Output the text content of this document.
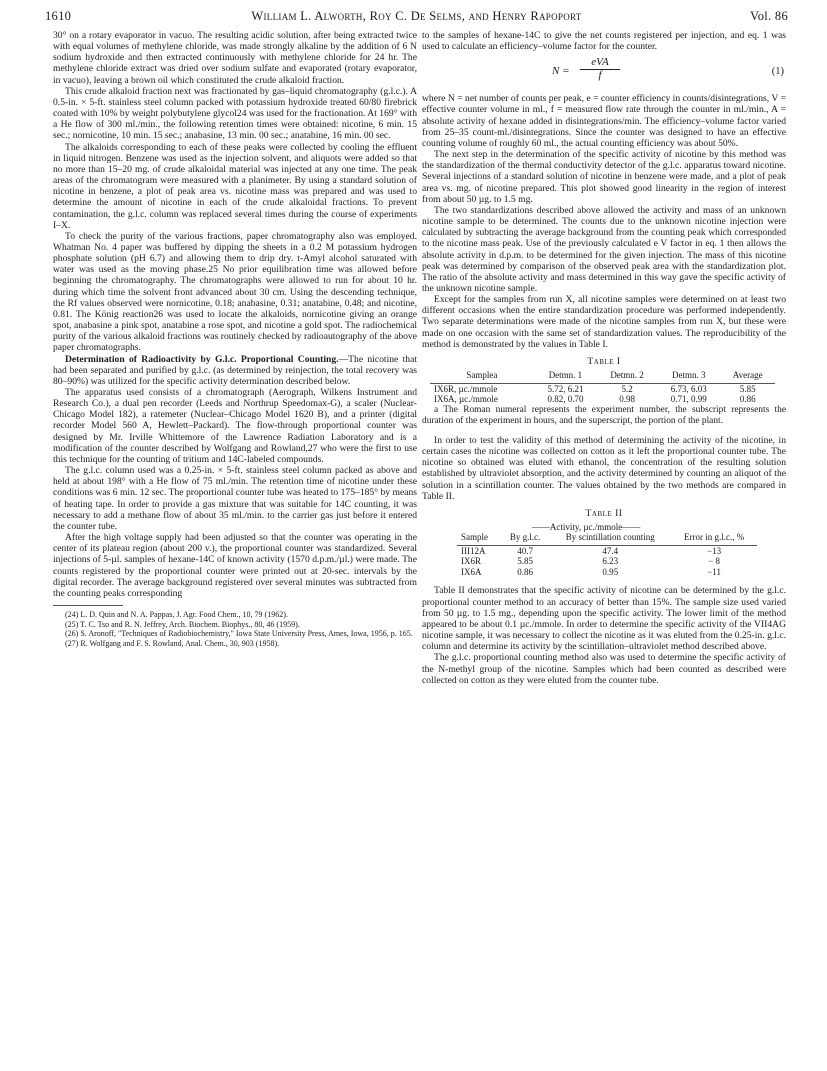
1610	William L. Alworth, Roy C. De Selms, and Henry Rapoport	Vol. 86

30° on a rotary evaporator in vacuo. The resulting acidic solution, after being extracted twice with equal volumes of methylene chloride, was made strongly alkaline by the addition of 6 N sodium hydroxide and then extracted continuously with methylene chloride for 24 hr. The methylene chloride extract was dried over sodium sulfate and evaporated (rotary evaporator, in vacuo), leaving a brown oil which constituted the crude alkaloid fraction.

This crude alkaloid fraction next was fractionated by gas–liquid chromatography (g.l.c.). A 0.5-in. × 5-ft. stainless steel column packed with potassium hydroxide treated 60/80 firebrick coated with 10% by weight polybutylene glycol24 was used for the fractionation. At 169° with a He flow of 300 ml./min., the following retention times were obtained: nicotine, 6 min. 15 sec.; nornicotine, 10 min. 15 sec.; anabasine, 13 min. 00 sec.; anatabine, 16 min. 00 sec.

The alkaloids corresponding to each of these peaks were collected by cooling the effluent in liquid nitrogen. Benzene was used as the injection solvent, and aliquots were added so that no more than 15–20 mg. of crude alkaloidal material was injected at any one time. The peak areas of the chromatogram were measured with a planimeter. By using a standard solution of nicotine in benzene, a plot of peak area vs. nicotine mass was prepared and was used to determine the amount of nicotine in each of the crude alkaloidal fractions. To prevent contamination, the g.l.c. column was replaced several times during the course of experiments I–X.

To check the purity of the various fractions, paper chromatography also was employed. Whatman No. 4 paper was buffered by dipping the sheets in a 0.2 M potassium hydrogen phosphate solution (pH 6.7) and allowing them to drip dry. t-Amyl alcohol saturated with water was used as the moving phase.25 No prior equilibration time was allowed before beginning the chromatography. The chromatographs were allowed to run for about 10 hr. during which time the solvent front advanced about 30 cm. Using the descending technique, the Rf values observed were nornicotine, 0.18; anabasine, 0.31; anatabine, 0.48; and nicotine, 0.81. The König reaction26 was used to locate the alkaloids, nornicotine giving an orange spot, anabasine a pink spot, anatabine a rose spot, and nicotine a gold spot. The radiochemical purity of the various alkaloid fractions was routinely checked by radioautography of the above paper chromatographs.

Determination of Radioactivity by G.l.c. Proportional Counting.—The nicotine that had been separated and purified by g.l.c. (as determined by reinjection, the total recovery was 80–90%) was utilized for the specific activity determination described below.

The apparatus used consists of a chromatograph (Aerograph, Wilkens Instrument and Research Co.), a dual pen recorder (Leeds and Northrup Speedomax-G), a scaler (Nuclear-Chicago Model 182), a ratemeter (Nuclear–Chicago Model 1620 B), and a printer (digital recorder Model 560 A, Hewlett–Packard). The flow-through proportional counter was designed by Mr. Irville Whittemore of the Lawrence Radiation Laboratory and is a modification of the counter described by Wolfgang and Rowland,27 who were the first to use this technique for the counting of tritium and 14C-labeled compounds.

The g.l.c. column used was a 0.25-in. × 5-ft. stainless steel column packed as above and held at about 198° with a He flow of 75 ml./min. The retention time of nicotine under these conditions was 6 min. 12 sec. The proportional counter tube was heated to 175–185° by means of heating tape. In order to provide a gas mixture that was suitable for 14C counting, it was necessary to add a methane flow of about 35 ml./min. to the carrier gas just before it entered the counter tube.

After the high voltage supply had been adjusted so that the counter was operating in the center of its plateau region (about 200 v.), the proportional counter was standardized. Several injections of 5-µl. samples of hexane-14C of known activity (1570 d.p.m./µl.) were made. The counts registered by the proportional counter were printed out at 20-sec. intervals by the digital recorder. The average background registered over several minutes was subtracted from the counting peaks corresponding

(24) L. D. Quin and N. A. Pappas, J. Agr. Food Chem., 10, 79 (1962).

(25) T. C. Tso and R. N. Jeffrey, Arch. Biochem. Biophys., 80, 46 (1959).

(26) S. Aronoff, "Techniques of Radiobiochemistry," Iowa State University Press, Ames, Iowa, 1956, p. 165.

(27) R. Wolfgang and F. S. Rowland, Anal. Chem., 30, 903 (1958).

to the samples of hexane-14C to give the net counts registered per injection, and eq. 1 was used to calculate an efficiency–volume factor for the counter.

N =
eVA
f	(1)

where N = net number of counts per peak, e = counter efficiency in counts/disintegrations, V = effective counter volume in ml., f = measured flow rate through the counter in ml./min., A = absolute activity of hexane added in disintegrations/min. The efficiency–volume factor varied from 25–35 count-ml./disintegrations. Since the counter was designed to have an effective counting volume of roughly 60 ml., the actual counting efficiency was about 50%.

The next step in the determination of the specific activity of nicotine by this method was the standardization of the thermal conductivity detector of the g.l.c. apparatus toward nicotine. Several injections of a standard solution of nicotine in benzene were made, and a plot of peak area vs. mg. of nicotine prepared. This plot showed good linearity in the region of interest from about 50 µg. to 1.5 mg.

The two standardizations described above allowed the activity and mass of an unknown nicotine sample to be determined. The counts due to the unknown nicotine injection were calculated by subtracting the average background from the counting peak which corresponded to the nicotine mass peak. Use of the previously calculated e V factor in eq. 1 then allows the absolute activity in d.p.m. to be determined for the given injection. The mass of this nicotine peak was determined by comparison of the observed peak area with the standardization plot. The ratio of the absolute activity and mass determined in this way gave the specific activity of the unknown nicotine sample.

Except for the samples from run X, all nicotine samples were determined on at least two different occasions when the entire standardization procedure was performed independently. Two separate determinations were made of the nicotine samples from run X, but these were made on one occasion with the same set of standardization values. The reproducibility of the method is demonstrated by the values in Table I.

Table I
Samplea	Detmn. 1	Detmn. 2	Detmn. 3	Average
IX6R, µc./mmole	5.72, 6.21	5.2	6.73, 6.03	5.85
IX6A, µc./mmole	0.82, 0.70	0.98	0.71, 0.99	0.86

a The Roman numeral represents the experiment number, the subscript represents the duration of the experiment in hours, and the superscript, the portion of the plant.

In order to test the validity of this method of determining the activity of the nicotine, in certain cases the nicotine was collected on cotton as it left the proportional counter tube. The nicotine so obtained was eluted with ethanol, the concentration of the resulting solution established by ultraviolet absorption, and the activity determined by counting an aliquot of the solution in a scintillation counter. The values obtained by the two methods are compared in Table II.

Table II
	——Activity, µc./mmole——		
Sample	By g.l.c.	By scintillation counting	Error in g.l.c., %
III12A	40.7	47.4	−13
IX6R	5.85	6.23	− 8
IX6A	0.86	0.95	−11

Table II demonstrates that the specific activity of nicotine can be determined by the g.l.c. proportional counter method to an accuracy of better than 15%. The sample size used varied from 50 µg. to 1.5 mg., depending upon the specific activity. The lower limit of the method appeared to be about 0.1 µc./mmole. In order to determine the specific activity of the VII4AG nicotine sample, it was necessary to collect the nicotine as it was eluted from the 0.25-in. g.l.c. column and determine its activity by the scintillation–ultraviolet method described above.

The g.l.c. proportional counting method also was used to determine the specific activity of the N-methyl group of the nicotine. Samples which had been counted as described were collected on cotton as they were eluted from the counter tube.
